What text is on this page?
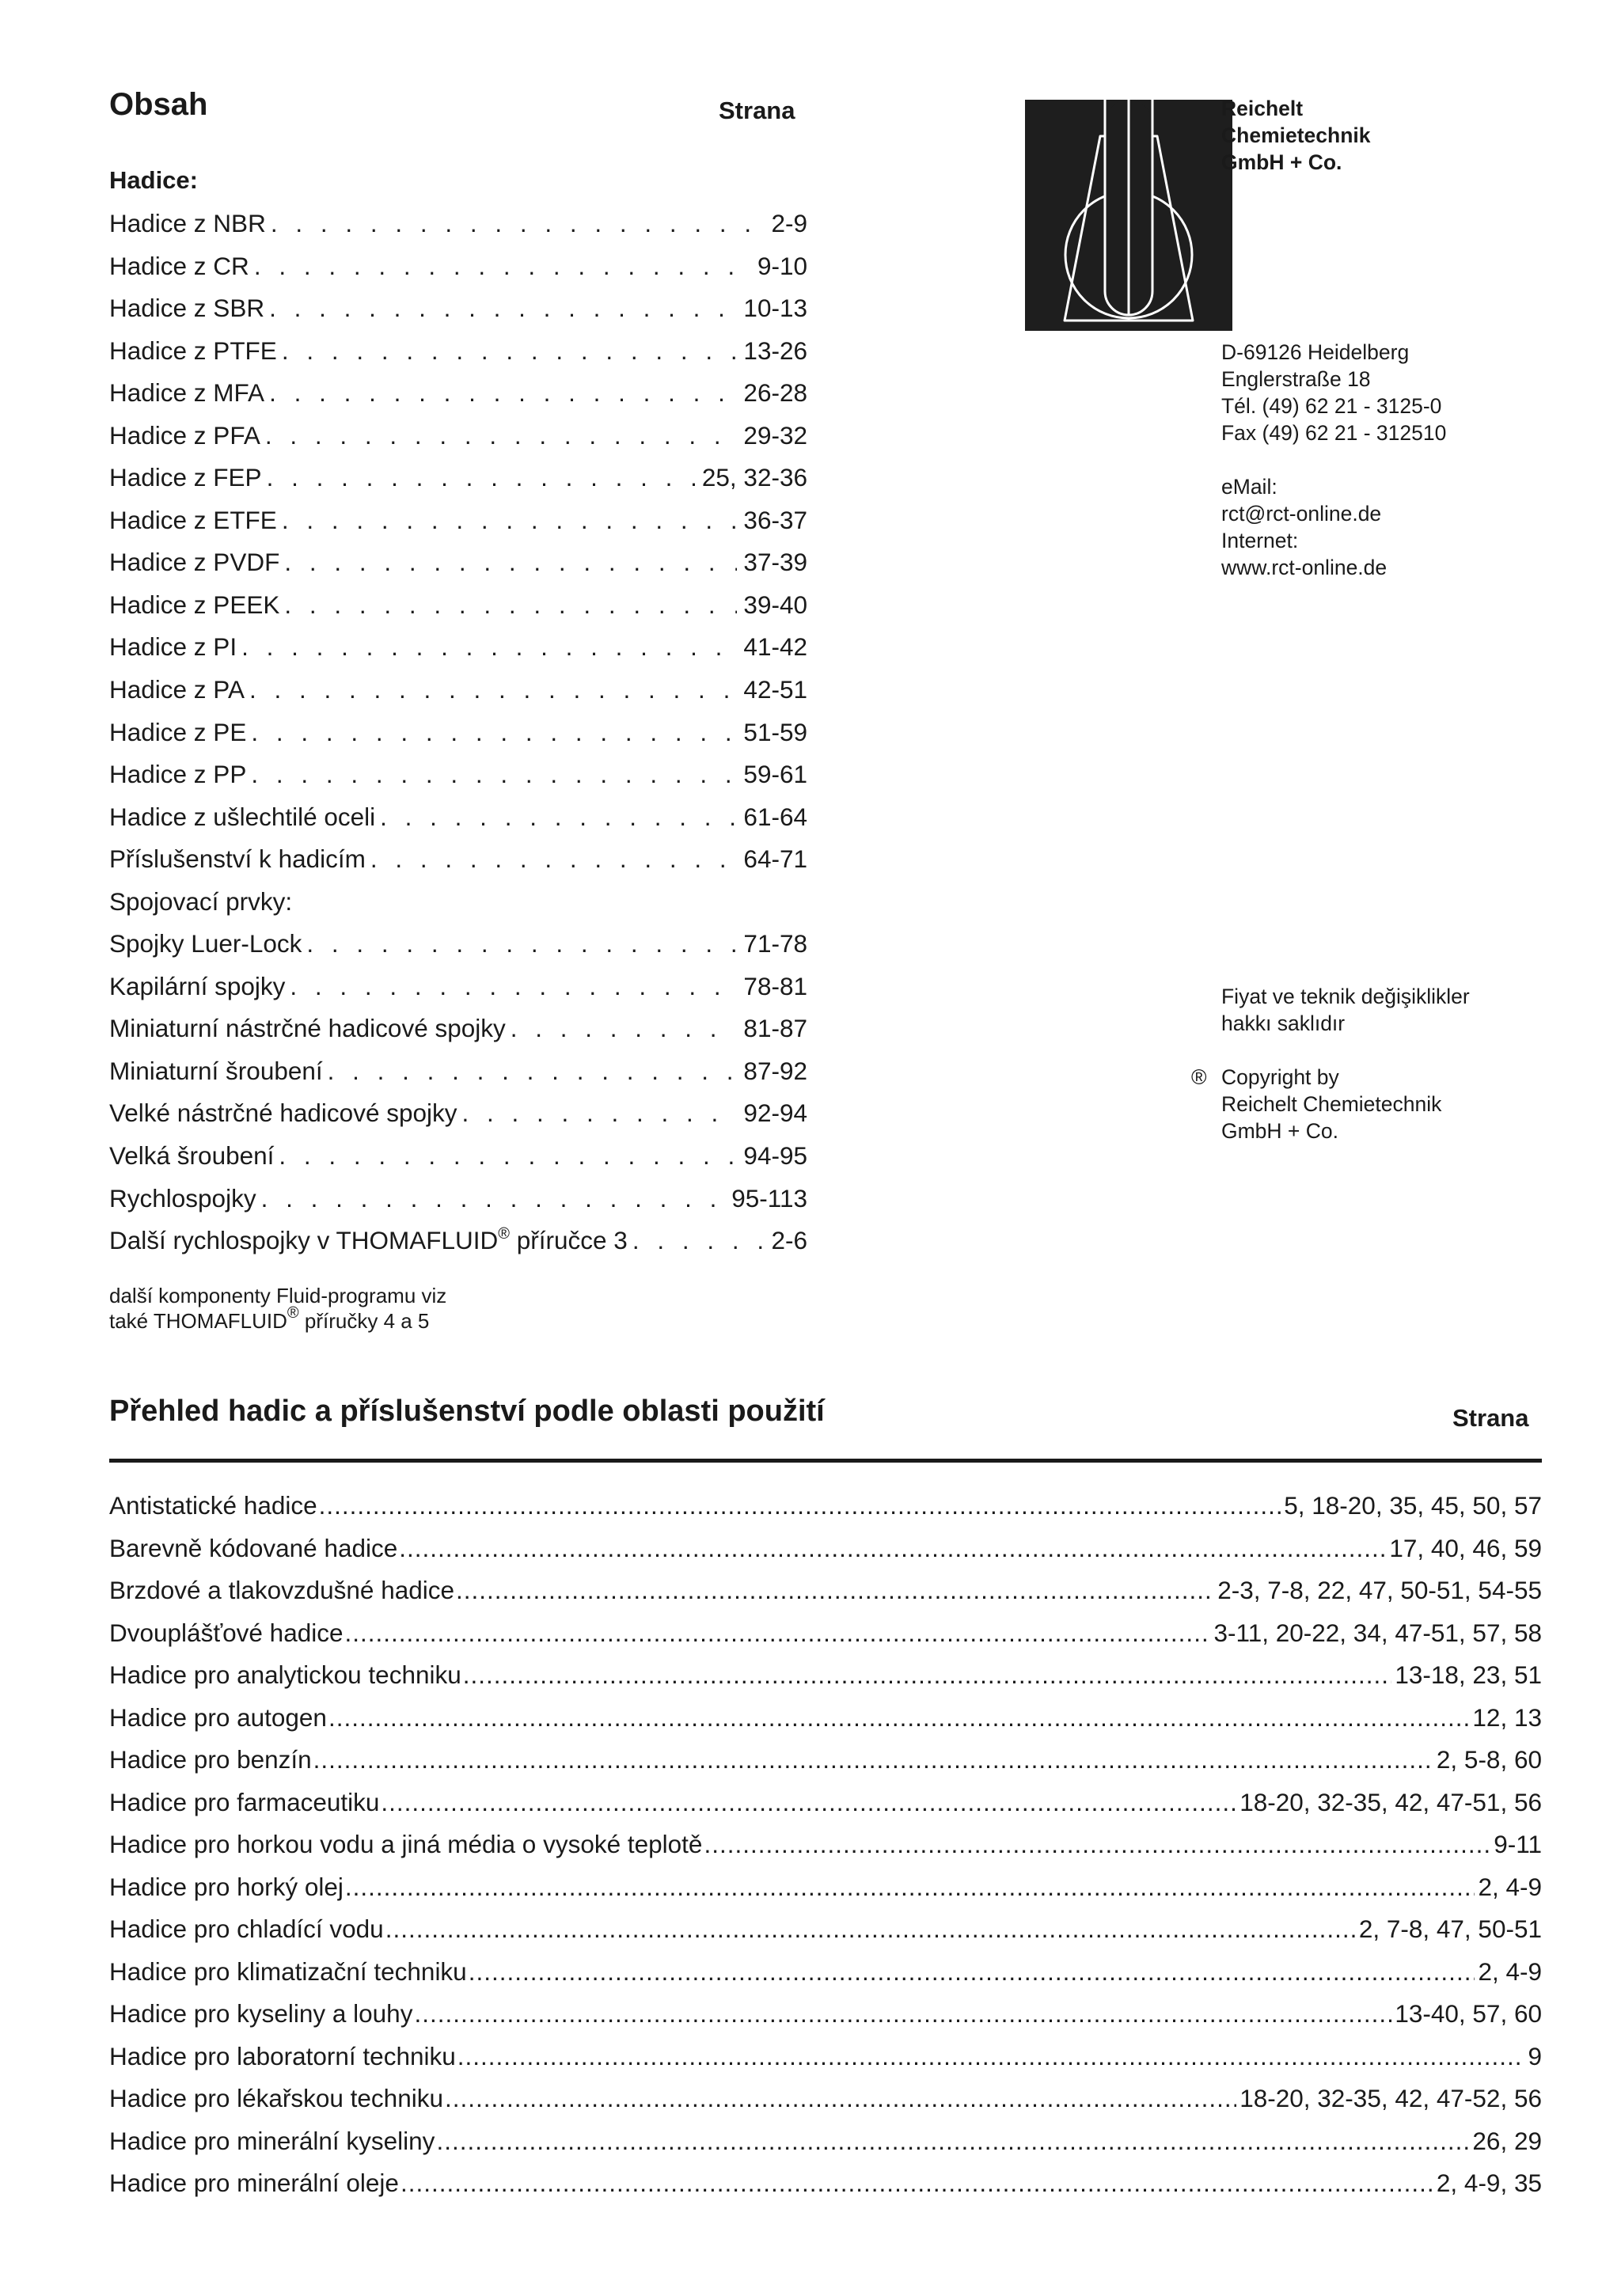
Obsah	Strana
Hadice:
Hadice z NBR . . .	2-9
Hadice z CR . . .	9-10
Hadice z SBR . . .	10-13
Hadice z PTFE . . .	13-26
Hadice z MFA . . .	26-28
Hadice z PFA . . .	29-32
Hadice z FEP . . .	25, 32-36
Hadice z ETFE . . .	36-37
Hadice z PVDF . . .	37-39
Hadice z PEEK . . .	39-40
Hadice z PI . . .	41-42
Hadice z PA . . .	42-51
Hadice z PE . . .	51-59
Hadice z PP . . .	59-61
Hadice z ušlechtilé oceli . . .	61-64
Příslušenství k hadicím . . .	64-71
Spojovací prvky:
Spojky Luer-Lock . . .	71-78
Kapilární spojky . . .	78-81
Miniaturní nástrčné hadicové spojky . . .	81-87
Miniaturní šroubení . . .	87-92
Velké nástrčné hadicové spojky . . .	92-94
Velká šroubení . . .	94-95
Rychlospojky . . .	95-113
Další rychlospojky v THOMAFLUID® příručce 3 . . .	2-6
další komponenty Fluid-programu viz
také THOMAFLUID® příručky 4 a 5
Reichelt
Chemietechnik
GmbH + Co.
D-69126 Heidelberg
Englerstraße 18
Tél. (49) 62 21 - 3125-0
Fax (49) 62 21 - 312510
eMail:
rct@rct-online.de
Internet:
www.rct-online.de
Fiyat ve teknik değişiklikler
hakkı saklıdır
® Copyright by
Reichelt Chemietechnik
GmbH + Co.
Přehled hadic a příslušenství podle oblasti použití	Strana
Antistatické hadice .....	5, 18-20, 35, 45, 50, 57
Barevně kódované hadice .....	17, 40, 46, 59
Brzdové a tlakovzdušné hadice .....	2-3, 7-8, 22, 47, 50-51, 54-55
Dvouplášťové hadice .....	3-11, 20-22, 34, 47-51, 57, 58
Hadice pro analytickou techniku .....	13-18, 23, 51
Hadice pro autogen .....	12, 13
Hadice pro benzín .....	2, 5-8, 60
Hadice pro farmaceutiku .....	18-20, 32-35, 42, 47-51, 56
Hadice pro horkou vodu a jiná média o vysoké teplotě .....	9-11
Hadice pro horký olej .....	2, 4-9
Hadice pro chladící vodu .....	2, 7-8, 47, 50-51
Hadice pro klimatizační techniku .....	2, 4-9
Hadice pro kyseliny a louhy .....	13-40, 57, 60
Hadice pro laboratorní techniku .....	9
Hadice pro lékařskou techniku .....	18-20, 32-35, 42, 47-52, 56
Hadice pro minerální kyseliny .....	26, 29
Hadice pro minerální oleje .....	2, 4-9, 35
